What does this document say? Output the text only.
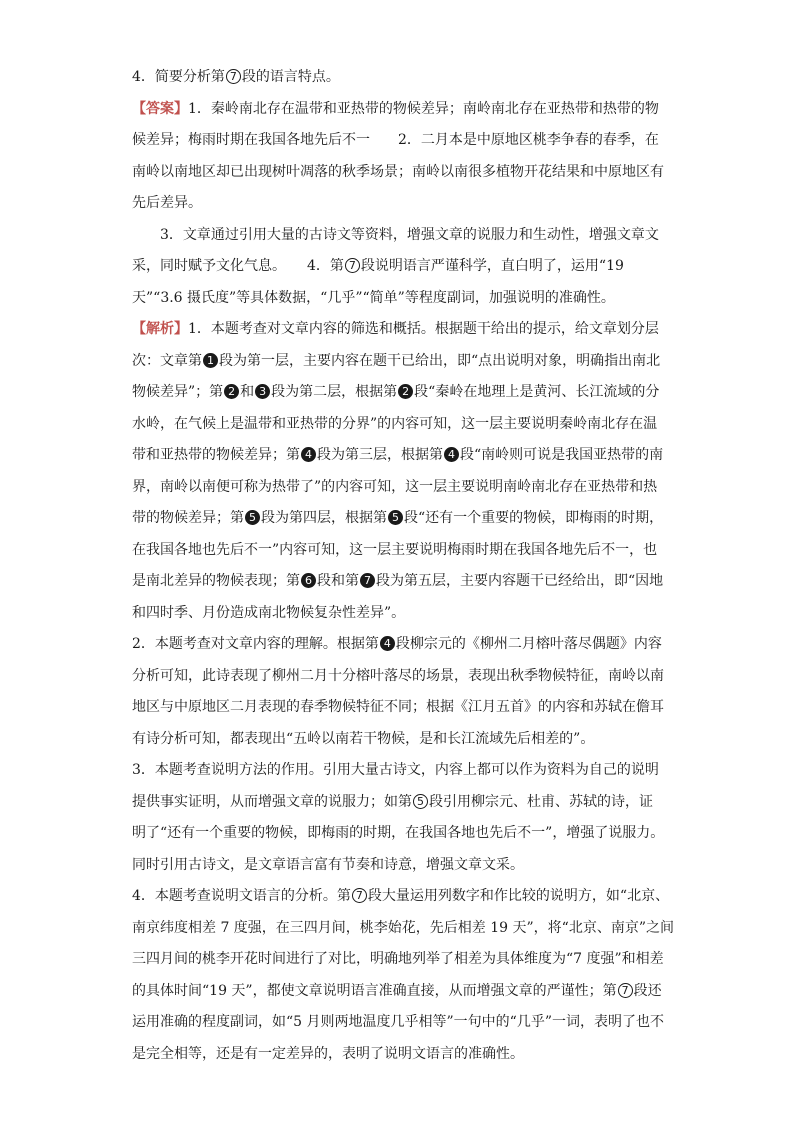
4．简要分析第 7 段的语言特点。
【答案】1．秦岭南北存在温带和亚热带的物候差异；南岭南北存在亚热带和热带的物
候差异；梅雨时期在我国各地先后不一　　2．二月本是中原地区桃李争春的春季，在
南岭以南地区却已出现树叶凋落的秋季场景；南岭以南很多植物开花结果和中原地区有
先后差异。
3．文章通过引用大量的古诗文等资料，增强文章的说服力和生动性，增强文章文
采，同时赋予文化气息。　　4．第 7 段说明语言严谨科学，直白明了，运用“19
天”“3.6 摄氏度”等具体数据，“几乎”“简单”等程度副词，加强说明的准确性。
【解析】1．本题考查对文章内容的筛选和概括。根据题干给出的提示，给文章划分层
次：文章第 1 段为第一层，主要内容在题干已给出，即“点出说明对象，明确指出南北
物候差异”；第 2 和 3 段为第二层，根据第 2 段“秦岭在地理上是黄河、长江流域的分
水岭，在气候上是温带和亚热带的分界”的内容可知，这一层主要说明秦岭南北存在温
带和亚热带的物候差异；第 4 段为第三层，根据第 4 段“南岭则可说是我国亚热带的南
界，南岭以南便可称为热带了”的内容可知，这一层主要说明南岭南北存在亚热带和热
带的物候差异；第 5 段为第四层，根据第 5 段“还有一个重要的物候，即梅雨的时期，
在我国各地也先后不一”内容可知，这一层主要说明梅雨时期在我国各地先后不一，也
是南北差异的物候表现；第 6 段和第 7 段为第五层，主要内容题干已经给出，即“因地
和四时季、月份造成南北物候复杂性差异”。
2．本题考查对文章内容的理解。根据第 4 段柳宗元的《柳州二月榕叶落尽偶题》内容
分析可知，此诗表现了柳州二月十分榕叶落尽的场景，表现出秋季物候特征，南岭以南
地区与中原地区二月表现的春季物候特征不同；根据《江月五首》的内容和苏轼在儋耳
有诗分析可知，都表现出“五岭以南若干物候，是和长江流域先后相差的”。
3．本题考查说明方法的作用。引用大量古诗文，内容上都可以作为资料为自己的说明
提供事实证明，从而增强文章的说服力；如第 5 段引用柳宗元、杜甫、苏轼的诗，证
明了“还有一个重要的物候，即梅雨的时期，在我国各地也先后不一”，增强了说服力。
同时引用古诗文，是文章语言富有节奏和诗意，增强文章文采。
4．本题考查说明文语言的分析。第 7 段大量运用列数字和作比较的说明方，如“北京、
南京纬度相差 7 度强，在三四月间，桃李始花，先后相差 19 天”，将“北京、南京”之间
三四月间的桃李开花时间进行了对比，明确地列举了相差为具体维度为“7 度强”和相差
的具体时间“19 天”，都使文章说明语言准确直接，从而增强文章的严谨性；第 7 段还
运用准确的程度副词，如“5 月则两地温度几乎相等”一句中的“几乎”一词，表明了也不
是完全相等，还是有一定差异的，表明了说明文语言的准确性。
